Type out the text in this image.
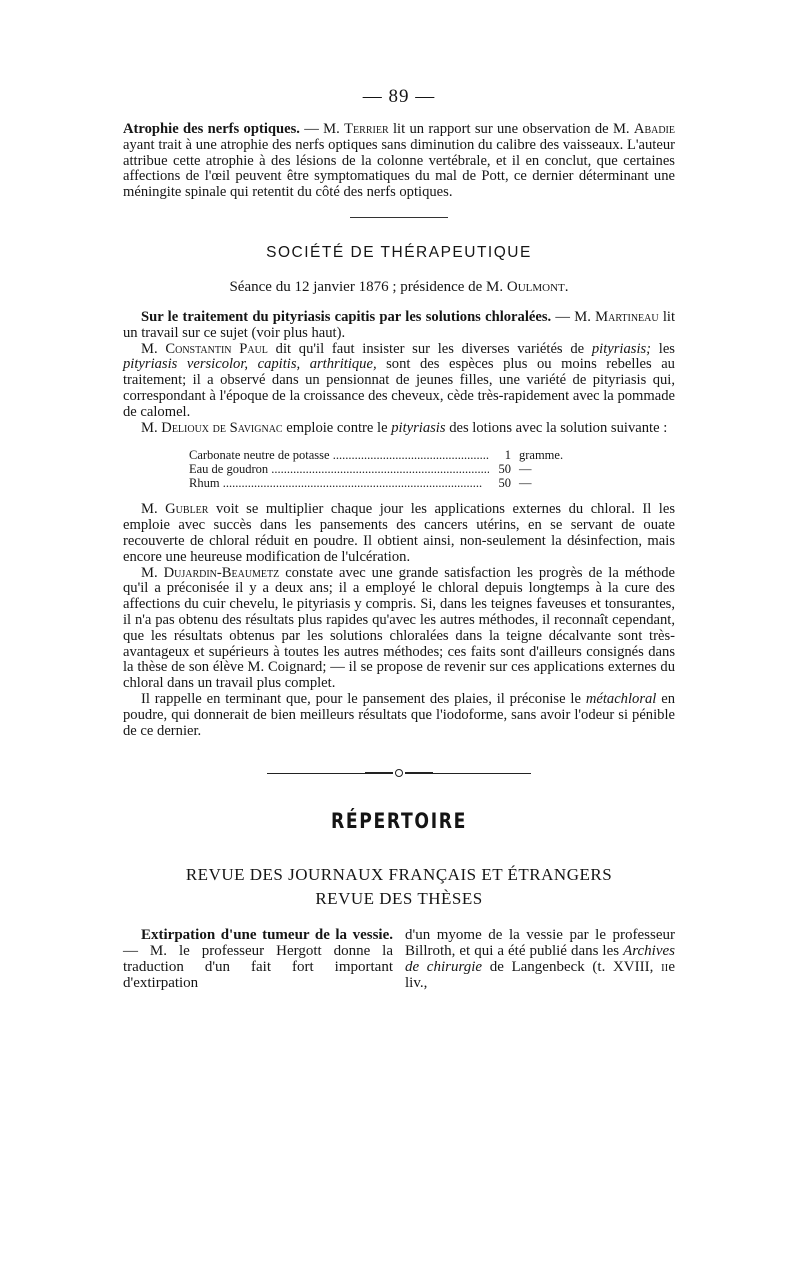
— 89 —

Atrophie des nerfs optiques. — M. Terrier lit un rapport sur une observation de M. Abadie ayant trait à une atrophie des nerfs optiques sans diminution du calibre des vaisseaux. L'auteur attribue cette atrophie à des lésions de la colonne vertébrale, et il en conclut, que certaines affections de l'œil peuvent être symptomatiques du mal de Pott, ce dernier déterminant une méningite spinale qui retentit du côté des nerfs optiques.

SOCIÉTÉ DE THÉRAPEUTIQUE
Séance du 12 janvier 1876 ; présidence de M. Oulmont.

Sur le traitement du pityriasis capitis par les solutions chloralées. — M. Martineau lit un travail sur ce sujet (voir plus haut).

M. Constantin Paul dit qu'il faut insister sur les diverses variétés de pityriasis; les pityriasis versicolor, capitis, arthritique, sont des espèces plus ou moins rebelles au traitement; il a observé dans un pensionnat de jeunes filles, une variété de pityriasis qui, correspondant à l'époque de la croissance des cheveux, cède très-rapidement avec la pommade de calomel.

M. Delioux de Savignac emploie contre le pityriasis des lotions avec la solution suivante :

Carbonate neutre de potasse .....	1 gramme.
Eau de goudron .....	50 —
Rhum .....	50 —

M. Gubler voit se multiplier chaque jour les applications externes du chloral. Il les emploie avec succès dans les pansements des cancers utérins, en se servant de ouate recouverte de chloral réduit en poudre. Il obtient ainsi, non-seulement la désinfection, mais encore une heureuse modification de l'ulcération.

M. Dujardin-Beaumetz constate avec une grande satisfaction les progrès de la méthode qu'il a préconisée il y a deux ans; il a employé le chloral depuis longtemps à la cure des affections du cuir chevelu, le pityriasis y compris. Si, dans les teignes faveuses et tonsurantes, il n'a pas obtenu des résultats plus rapides qu'avec les autres méthodes, il reconnaît cependant, que les résultats obtenus par les solutions chloralées dans la teigne décalvante sont très-avantageux et supérieurs à toutes les autres méthodes; ces faits sont d'ailleurs consignés dans la thèse de son élève M. Coignard; — il se propose de revenir sur ces applications externes du chloral dans un travail plus complet.

Il rappelle en terminant que, pour le pansement des plaies, il préconise le métachloral en poudre, qui donnerait de bien meilleurs résultats que l'iodoforme, sans avoir l'odeur si pénible de ce dernier.

RÉPERTOIRE
REVUE DES JOURNAUX FRANÇAIS ET ÉTRANGERS
REVUE DES THÈSES

Extirpation d'une tumeur de la vessie. — M. le professeur Hergott donne la traduction d'un fait fort important d'extirpation

d'un myome de la vessie par le professeur Billroth, et qui a été publié dans les Archives de chirurgie de Langenbeck (t. XVIII, iie liv.,
